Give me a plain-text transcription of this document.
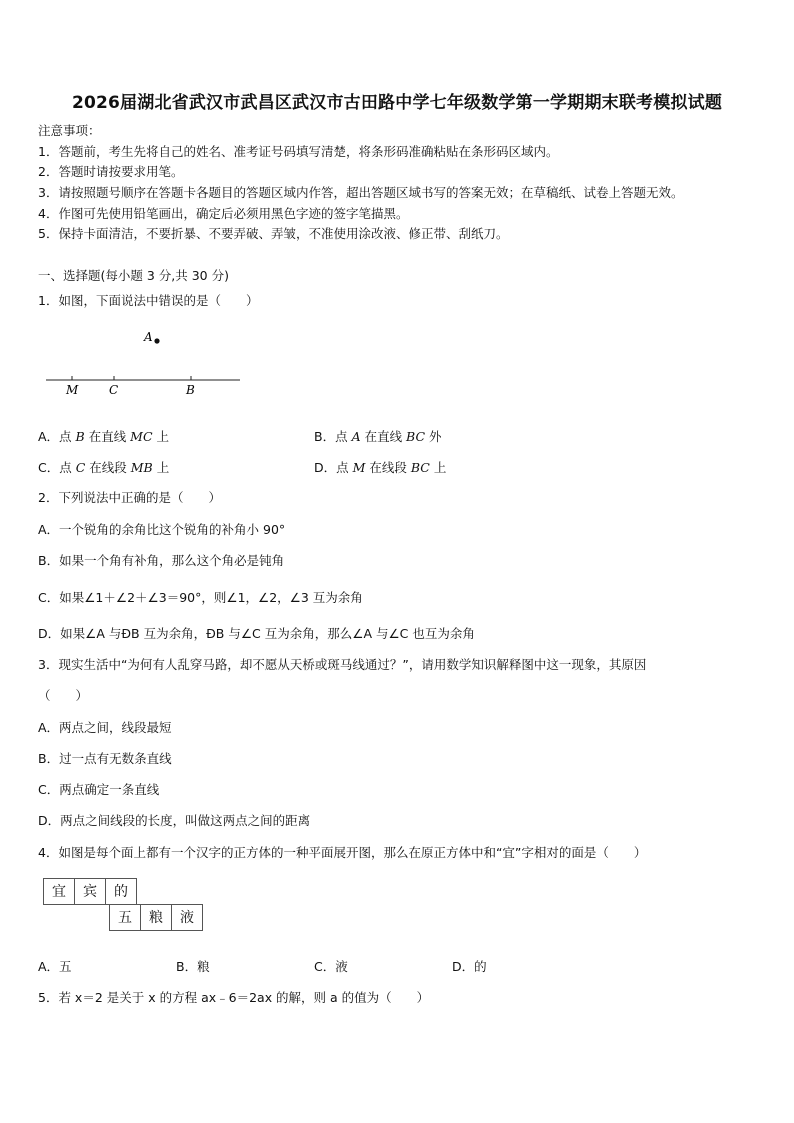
2026届湖北省武汉市武昌区武汉市古田路中学七年级数学第一学期期末联考模拟试题
注意事项：
1．答题前，考生先将自己的姓名、准考证号码填写清楚，将条形码准确粘贴在条形码区域内。
2．答题时请按要求用笔。
3．请按照题号顺序在答题卡各题目的答题区域内作答，超出答题区域书写的答案无效；在草稿纸、试卷上答题无效。
4．作图可先使用铅笔画出，确定后必须用黑色字迹的签字笔描黑。
5．保持卡面清洁，不要折暴、不要弄破、弄皱，不准使用涂改液、修正带、刮纸刀。
一、选择题(每小题 3 分,共 30 分)
1．如图，下面说法中错误的是（　　）
A
M	C	B
A．点 B 在直线 MC 上	B．点 A 在直线 BC 外
C．点 C 在线段 MB 上	D．点 M 在线段 BC 上
2．下列说法中正确的是（　　）
A．一个锐角的余角比这个锐角的补角小 90°
B．如果一个角有补角，那么这个角必是钝角
C．如果∠1＋∠2＋∠3＝90°，则∠1，∠2，∠3 互为余角
D．如果∠A 与ÐB 互为余角，ÐB 与∠C 互为余角，那么∠A 与∠C 也互为余角
3．现实生活中“为何有人乱穿马路，却不愿从天桥或斑马线通过？”，请用数学知识解释图中这一现象，其原因
（　　）
A．两点之间，线段最短
B．过一点有无数条直线
C．两点确定一条直线
D．两点之间线段的长度，叫做这两点之间的距离
4．如图是每个面上都有一个汉字的正方体的一种平面展开图，那么在原正方体中和“宜”字相对的面是（　　）
宜	宾	的
五	粮	液
A．五	B．粮	C．液	D．的
5．若 x＝2 是关于 x 的方程 ax﹣6＝2ax 的解，则 a 的值为（　　）
